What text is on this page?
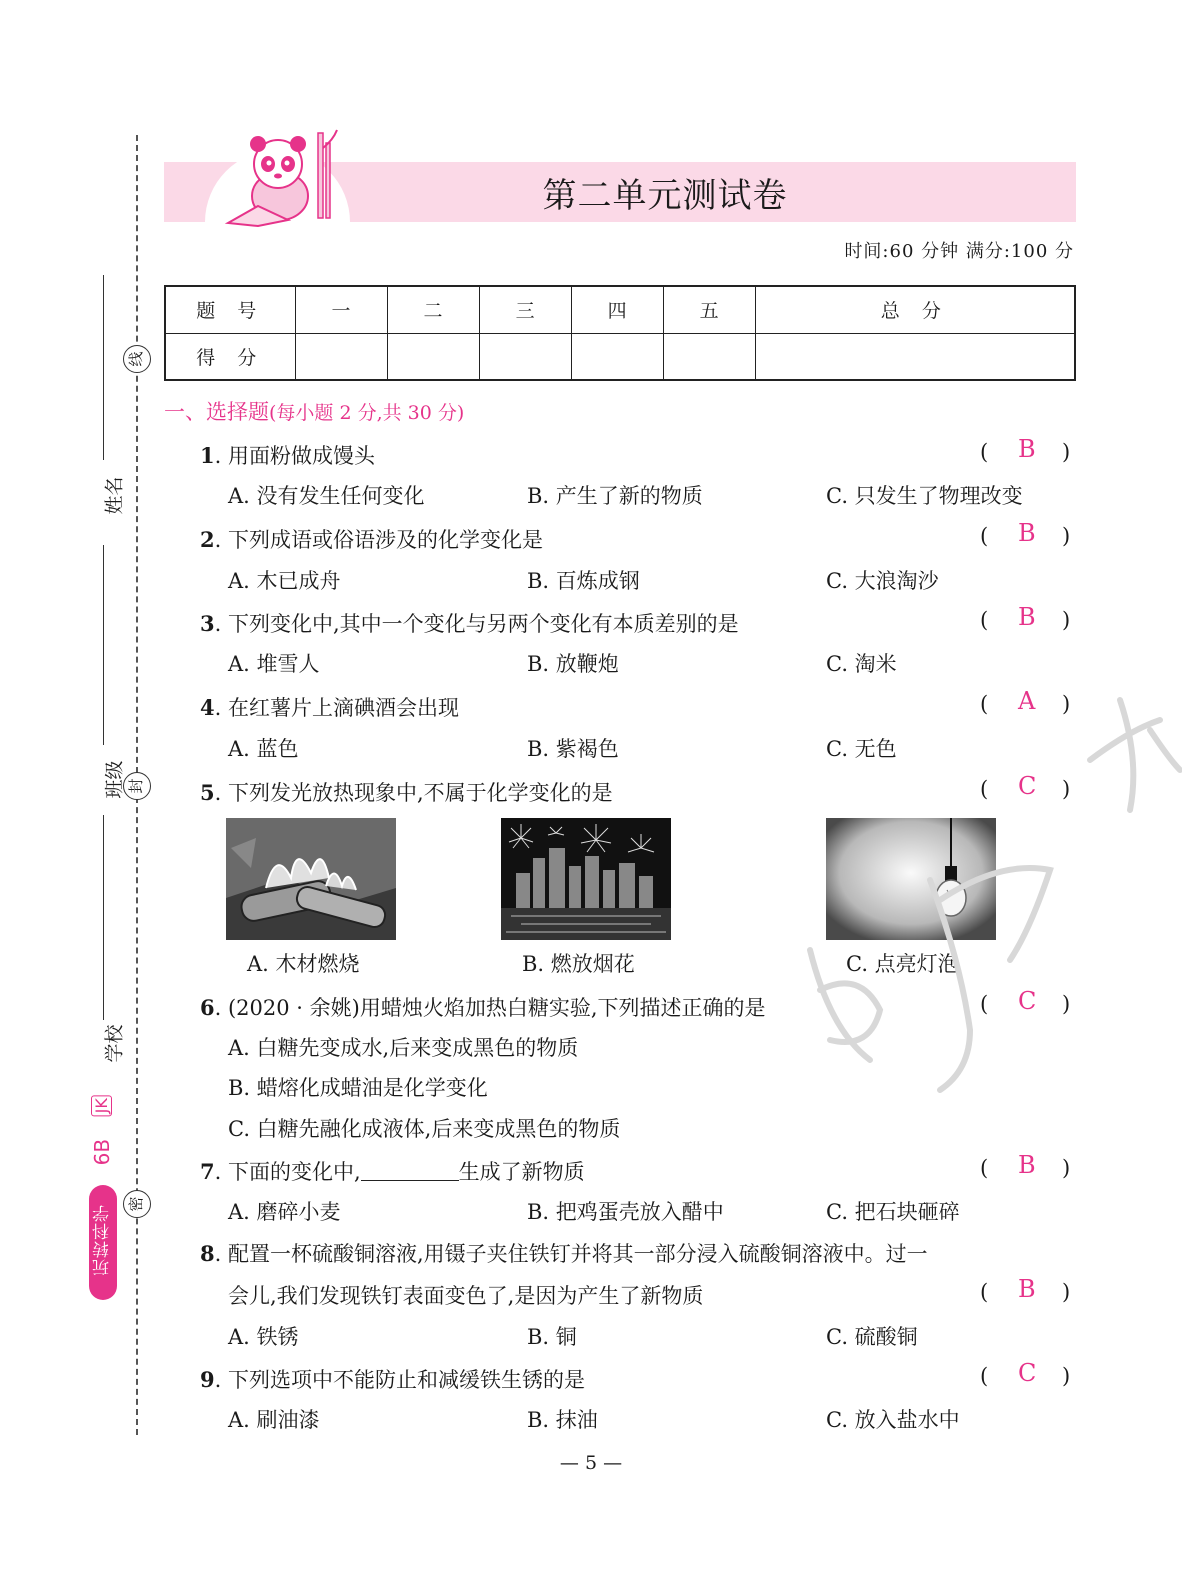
线
封
密
姓名
班级
学校
6B  JK
玩转科学
第二单元测试卷
时间:60 分钟 满分:100 分
题 号	一	二	三	四	五	总 分
得 分						
一、选择题(每小题 2 分,共 30 分)
1. 用面粉做成馒头	( B )
A. 没有发生任何变化	B. 产生了新的物质	C. 只发生了物理改变
2. 下列成语或俗语涉及的化学变化是	( B )
A. 木已成舟	B. 百炼成钢	C. 大浪淘沙
3. 下列变化中,其中一个变化与另两个变化有本质差别的是	( B )
A. 堆雪人	B. 放鞭炮	C. 淘米
4. 在红薯片上滴碘酒会出现	( A )
A. 蓝色	B. 紫褐色	C. 无色
5. 下列发光放热现象中,不属于化学变化的是	( C )
A. 木材燃烧	B. 燃放烟花	C. 点亮灯泡
6. (2020 · 余姚)用蜡烛火焰加热白糖实验,下列描述正确的是	( C )
A. 白糖先变成水,后来变成黑色的物质
B. 蜡熔化成蜡油是化学变化
C. 白糖先融化成液体,后来变成黑色的物质
7. 下面的变化中,	生成了新物质	( B )
A. 磨碎小麦	B. 把鸡蛋壳放入醋中	C. 把石块砸碎
8. 配置一杯硫酸铜溶液,用镊子夹住铁钉并将其一部分浸入硫酸铜溶液中。过一
会儿,我们发现铁钉表面变色了,是因为产生了新物质	( B )
A. 铁锈	B. 铜	C. 硫酸铜
9. 下列选项中不能防止和减缓铁生锈的是	( C )
A. 刷油漆	B. 抹油	C. 放入盐水中
— 5 —
